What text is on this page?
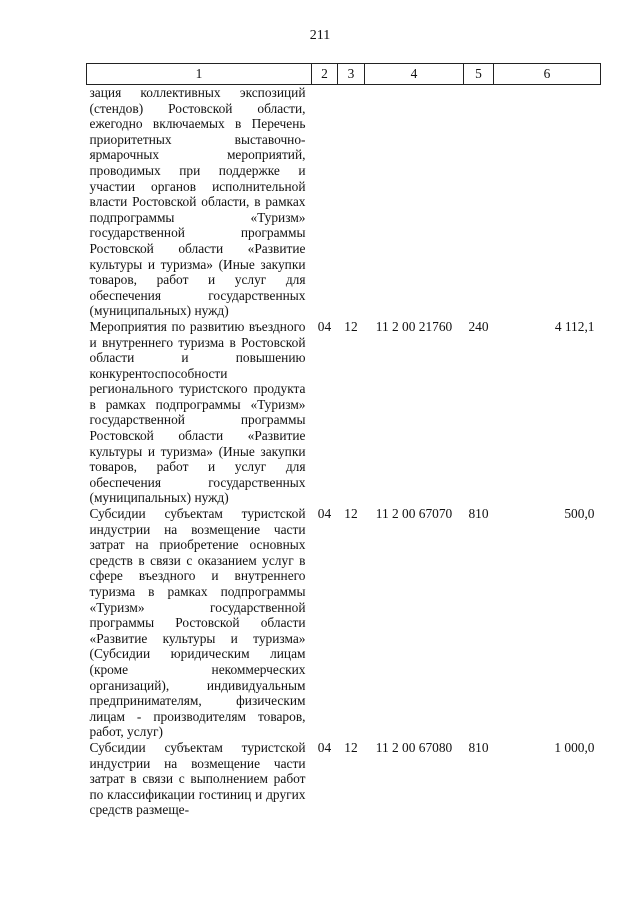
211
1	2	3	4	5	6
зация коллективных экспозиций (стендов) Ростовской области, ежегодно включаемых в Перечень приоритетных выставочно-ярмарочных мероприятий, проводимых при поддержке и участии органов исполнительной власти Ростовской области, в рамках подпрограммы «Туризм» государственной программы Ростовской области «Развитие культуры и туризма» (Иные закупки товаров, работ и услуг для обеспечения государственных (муниципальных) нужд)					
Мероприятия по развитию въездного и внутреннего туризма в Ростовской области и повышению конкурентоспособности регионального туристского продукта в рамках подпрограммы «Туризм» государственной программы Ростовской области «Развитие культуры и туризма» (Иные закупки товаров, работ и услуг для обеспечения государственных (муниципальных) нужд)	04	12	11 2 00 21760	240	4 112,1
Субсидии субъектам туристской индустрии на возмещение части затрат на приобретение основных средств в связи с оказанием услуг в сфере въездного и внутреннего туризма в рамках подпрограммы «Туризм» государственной программы Ростовской области «Развитие культуры и туризма» (Субсидии юридическим лицам (кроме некоммерческих организаций), индивидуальным предпринимателям, физическим лицам - производителям товаров, работ, услуг)	04	12	11 2 00 67070	810	500,0
Субсидии субъектам туристской индустрии на возмещение части затрат в связи с выполнением работ по классификации гостиниц и других средств размеще-	04	12	11 2 00 67080	810	1 000,0
